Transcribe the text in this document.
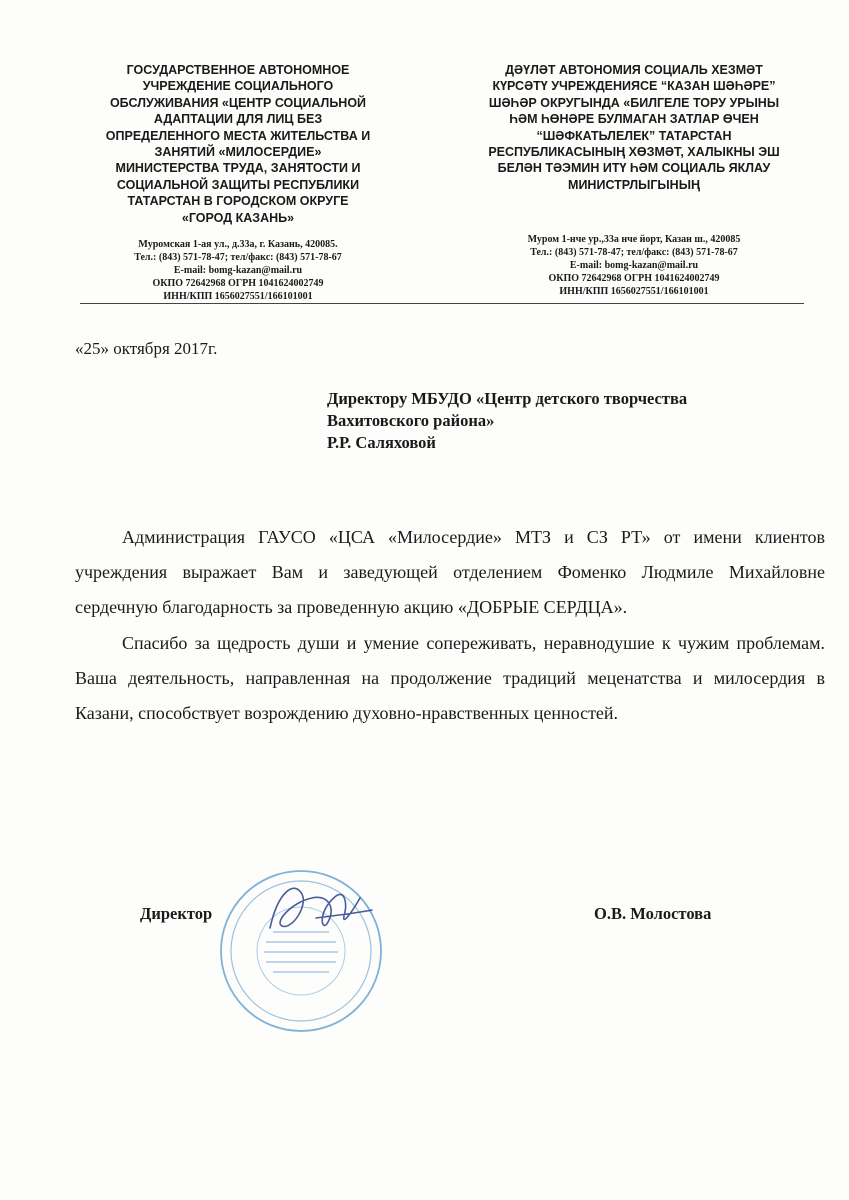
ГОСУДАРСТВЕННОЕ АВТОНОМНОЕ
УЧРЕЖДЕНИЕ СОЦИАЛЬНОГО
ОБСЛУЖИВАНИЯ «ЦЕНТР СОЦИАЛЬНОЙ
АДАПТАЦИИ ДЛЯ ЛИЦ БЕЗ
ОПРЕДЕЛЕННОГО МЕСТА ЖИТЕЛЬСТВА И
ЗАНЯТИЙ «МИЛОСЕРДИЕ»
МИНИСТЕРСТВА ТРУДА, ЗАНЯТОСТИ И
СОЦИАЛЬНОЙ ЗАЩИТЫ РЕСПУБЛИКИ
ТАТАРСТАН В ГОРОДСКОМ ОКРУГЕ
«ГОРОД КАЗАНЬ»
Муромская 1-ая ул., д.33а, г. Казань, 420085.
Тел.: (843) 571-78-47; тел/факс: (843) 571-78-67
E-mail: bomg-kazan@mail.ru
ОКПО 72642968 ОГРН 1041624002749
ИНН/КПП 1656027551/166101001
ДӘҮЛӘТ АВТОНОМИЯ СОЦИАЛЬ ХЕЗМӘТ
КҮРСӘТҮ УЧРЕЖДЕНИЯСЕ “КАЗАН ШӘҺӘРЕ”
ШӘҺӘР ОКРУГЫНДА «БИЛГЕЛЕ ТОРУ УРЫНЫ
ҺӘМ ҺӨНӘРЕ БУЛМАГАН ЗАТЛАР ӨЧЕН
“ШӘФКАТЬЛЕЛЕК” ТАТАРСТАН
РЕСПУБЛИКАСЫНЫҢ ХӨЗМӘТ, ХАЛЫКНЫ ЭШ
БЕЛӘН ТӘЭМИН ИТҮ ҺӘМ СОЦИАЛЬ ЯКЛАУ
МИНИСТРЛЫГЫНЫҢ
Муром 1-нче ур.,33а нче йорт, Казан ш., 420085
Тел.: (843) 571-78-47; тел/факс: (843) 571-78-67
E-mail: bomg-kazan@mail.ru
ОКПО 72642968 ОГРН 1041624002749
ИНН/КПП 1656027551/166101001
«25» октября 2017г.
Директору МБУДО «Центр детского творчества
Вахитовского района»
Р.Р. Саляховой

Администрация ГАУСО «ЦСА «Милосердие» МТЗ и СЗ РТ» от имени клиентов учреждения выражает Вам и заведующей отделением Фоменко Людмиле Михайловне сердечную благодарность за проведенную акцию «ДОБРЫЕ СЕРДЦА».

Спасибо за щедрость души и умение сопереживать, неравнодушие к чужим проблемам. Ваша деятельность, направленная на продолжение традиций меценатства и милосердия в Казани, способствует возрождению духовно-нравственных ценностей.

Директор	О.В. Молостова
